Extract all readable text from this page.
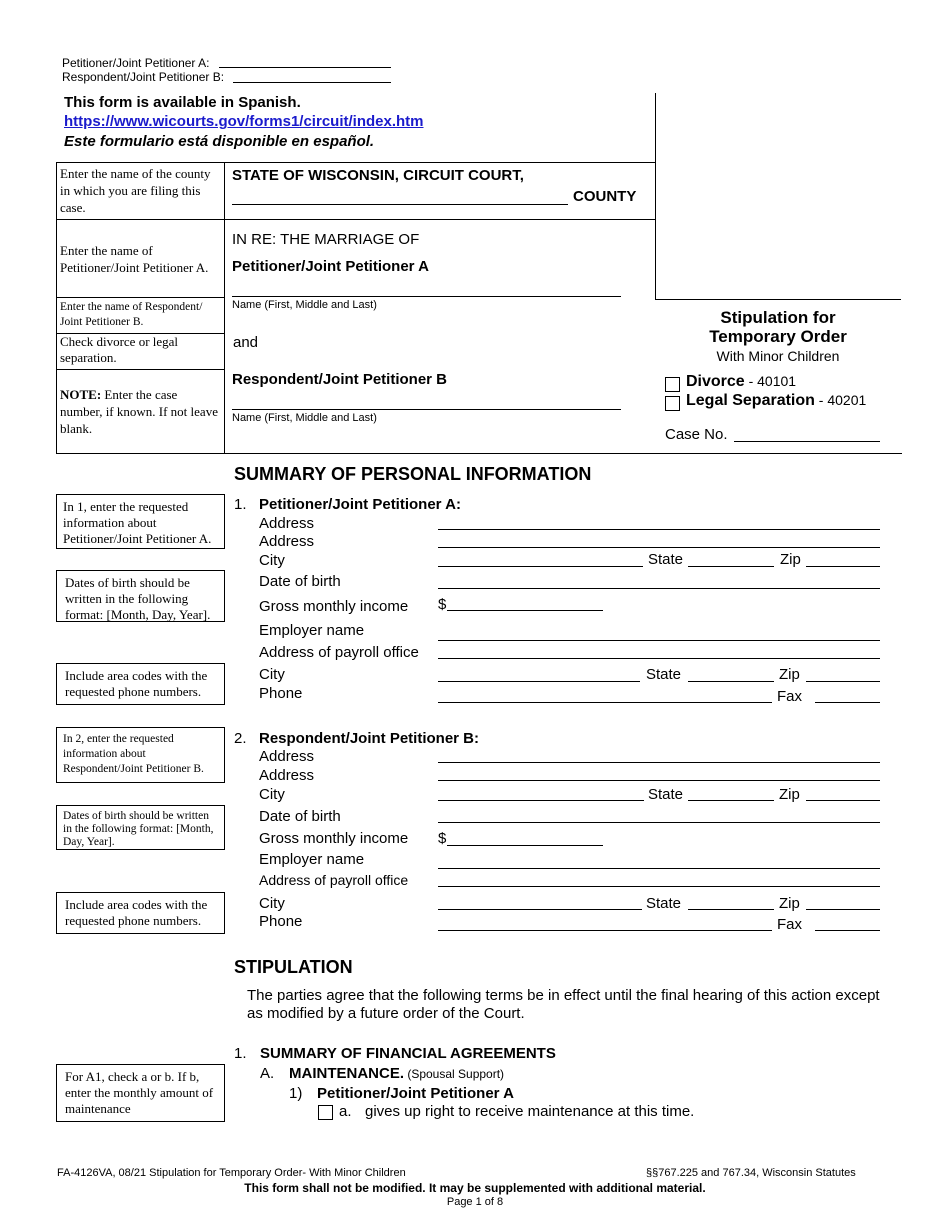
Petitioner/Joint Petitioner A:
Respondent/Joint Petitioner B:
This form is available in Spanish.
https://www.wicourts.gov/forms1/circuit/index.htm
Este formulario está disponible en español.
Enter the name of the county in which you are filing this case.
Enter the name of Petitioner/Joint Petitioner A.
Enter the name of Respondent/ Joint Petitioner B.
Check divorce or legal separation.
NOTE: Enter the case number, if known. If not leave blank.
STATE OF WISCONSIN, CIRCUIT COURT,
COUNTY
IN RE: THE MARRIAGE OF
Petitioner/Joint Petitioner A
Name (First, Middle and Last)
and
Respondent/Joint Petitioner B
Name (First, Middle and Last)
Stipulation for
Temporary Order
With Minor Children
Divorce - 40101
Legal Separation - 40201
Case No.
SUMMARY OF PERSONAL INFORMATION
In 1, enter the requested information about Petitioner/Joint Petitioner A.
Dates of birth should be written in the following format: [Month, Day, Year].
Include area codes with the requested phone numbers.
In 2, enter the requested information about Respondent/Joint Petitioner B.
Dates of birth should be written in the following format: [Month, Day, Year].
Include area codes with the requested phone numbers.
1. Petitioner/Joint Petitioner A:
Address
Address
City	State	Zip
Date of birth
Gross monthly income $
Employer name
Address of payroll office
City	State	Zip
Phone	Fax
2. Respondent/Joint Petitioner B:
Address
Address
City	State	Zip
Date of birth
Gross monthly income $
Employer name
Address of payroll office
City	State	Zip
Phone	Fax
STIPULATION
The parties agree that the following terms be in effect until the final hearing of this action except as modified by a future order of the Court.
1. SUMMARY OF FINANCIAL AGREEMENTS
A. MAINTENANCE. (Spousal Support)
1) Petitioner/Joint Petitioner A
a. gives up right to receive maintenance at this time.
For A1, check a or b. If b, enter the monthly amount of maintenance
FA-4126VA, 08/21 Stipulation for Temporary Order- With Minor Children	§§767.225 and 767.34, Wisconsin Statutes
This form shall not be modified. It may be supplemented with additional material.
Page 1 of 8
